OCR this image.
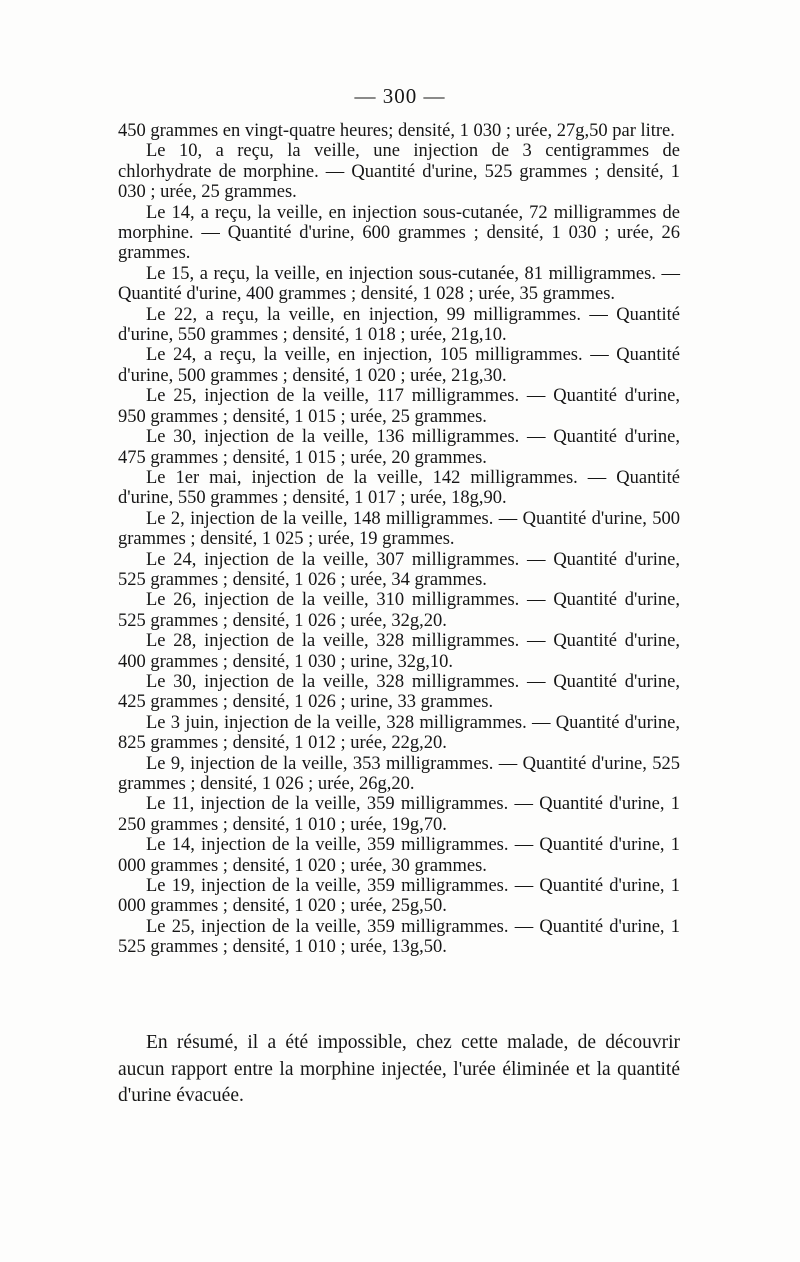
— 300 —

450 grammes en vingt-quatre heures; densité, 1 030 ; urée, 27g,50 par litre.

Le 10, a reçu, la veille, une injection de 3 centigrammes de chlorhydrate de morphine. — Quantité d'urine, 525 grammes ; densité, 1 030 ; urée, 25 grammes.

Le 14, a reçu, la veille, en injection sous-cutanée, 72 milligrammes de morphine. — Quantité d'urine, 600 grammes ; densité, 1 030 ; urée, 26 grammes.

Le 15, a reçu, la veille, en injection sous-cutanée, 81 milligrammes. — Quantité d'urine, 400 grammes ; densité, 1 028 ; urée, 35 grammes.

Le 22, a reçu, la veille, en injection, 99 milligrammes. — Quantité d'urine, 550 grammes ; densité, 1 018 ; urée, 21g,10.

Le 24, a reçu, la veille, en injection, 105 milligrammes. — Quantité d'urine, 500 grammes ; densité, 1 020 ; urée, 21g,30.

Le 25, injection de la veille, 117 milligrammes. — Quantité d'urine, 950 grammes ; densité, 1 015 ; urée, 25 grammes.

Le 30, injection de la veille, 136 milligrammes. — Quantité d'urine, 475 grammes ; densité, 1 015 ; urée, 20 grammes.

Le 1er mai, injection de la veille, 142 milligrammes. — Quantité d'urine, 550 grammes ; densité, 1 017 ; urée, 18g,90.

Le 2, injection de la veille, 148 milligrammes. — Quantité d'urine, 500 grammes ; densité, 1 025 ; urée, 19 grammes.

Le 24, injection de la veille, 307 milligrammes. — Quantité d'urine, 525 grammes ; densité, 1 026 ; urée, 34 grammes.

Le 26, injection de la veille, 310 milligrammes. — Quantité d'urine, 525 grammes ; densité, 1 026 ; urée, 32g,20.

Le 28, injection de la veille, 328 milligrammes. — Quantité d'urine, 400 grammes ; densité, 1 030 ; urine, 32g,10.

Le 30, injection de la veille, 328 milligrammes. — Quantité d'urine, 425 grammes ; densité, 1 026 ; urine, 33 grammes.

Le 3 juin, injection de la veille, 328 milligrammes. — Quantité d'urine, 825 grammes ; densité, 1 012 ; urée, 22g,20.

Le 9, injection de la veille, 353 milligrammes. — Quantité d'urine, 525 grammes ; densité, 1 026 ; urée, 26g,20.

Le 11, injection de la veille, 359 milligrammes. — Quantité d'urine, 1 250 grammes ; densité, 1 010 ; urée, 19g,70.

Le 14, injection de la veille, 359 milligrammes. — Quantité d'urine, 1 000 grammes ; densité, 1 020 ; urée, 30 grammes.

Le 19, injection de la veille, 359 milligrammes. — Quantité d'urine, 1 000 grammes ; densité, 1 020 ; urée, 25g,50.

Le 25, injection de la veille, 359 milligrammes. — Quantité d'urine, 1 525 grammes ; densité, 1 010 ; urée, 13g,50.

En résumé, il a été impossible, chez cette malade, de découvrir aucun rapport entre la morphine injectée, l'urée éliminée et la quantité d'urine évacuée.
